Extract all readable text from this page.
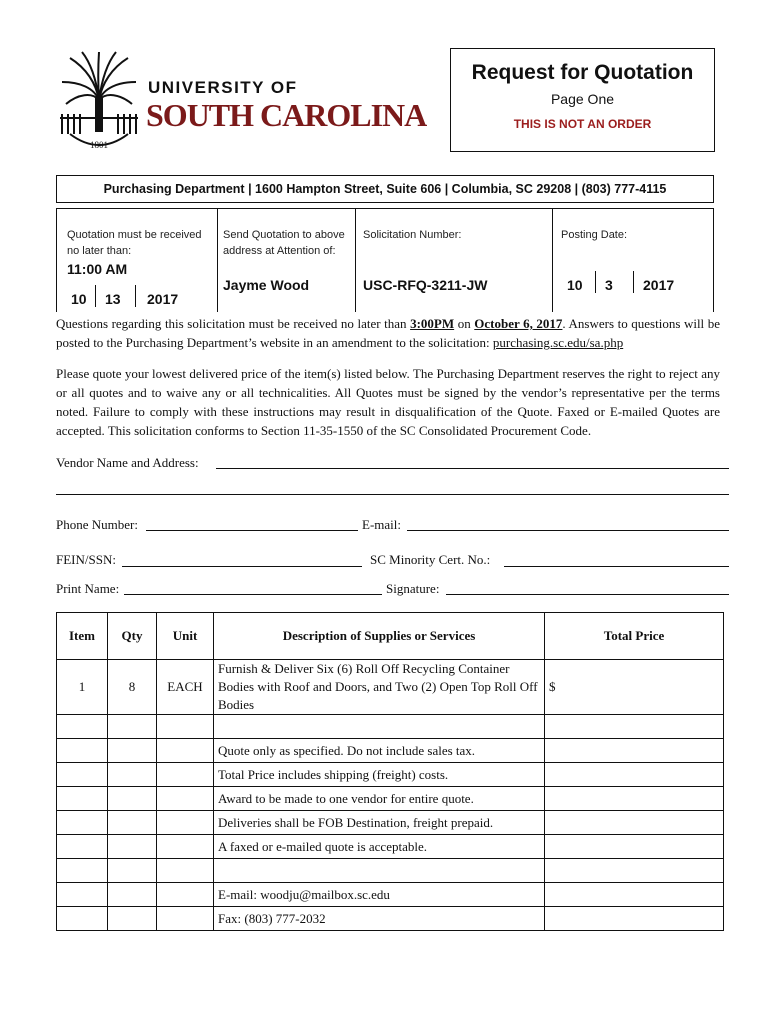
1801
UNIVERSITY OF
SOUTH CAROLINA
Request for Quotation
Page One
THIS IS NOT AN ORDER
Purchasing Department | 1600 Hampton Street, Suite 606 | Columbia, SC 29208 | (803) 777-4115
Quotation must be received no later than:
11:00 AM
10 13 2017
Send Quotation to above address at Attention of:
Jayme Wood
Solicitation Number:
USC-RFQ-3211-JW
Posting Date:
10 3 2017
Questions regarding this solicitation must be received no later than 3:00PM on October 6, 2017. Answers to questions will be posted to the Purchasing Department’s website in an amendment to the solicitation: purchasing.sc.edu/sa.php
Please quote your lowest delivered price of the item(s) listed below. The Purchasing Department reserves the right to reject any or all quotes and to waive any or all technicalities. All Quotes must be signed by the vendor’s representative per the terms noted. Failure to comply with these instructions may result in disqualification of the Quote. Faxed or E-mailed Quotes are accepted. This solicitation conforms to Section 11-35-1550 of the SC Consolidated Procurement Code.
Vendor Name and Address:
Phone Number:	E-mail:
FEIN/SSN:	SC Minority Cert. No.:
Print Name:	Signature:
Item	Qty	Unit	Description of Supplies or Services	Total Price
1	8	EACH	Furnish & Deliver Six (6) Roll Off Recycling Container Bodies with Roof and Doors, and Two (2) Open Top Roll Off Bodies	$

			Quote only as specified. Do not include sales tax.	
			Total Price includes shipping (freight) costs.	
			Award to be made to one vendor for entire quote.	
			Deliveries shall be FOB Destination, freight prepaid.	
			A faxed or e-mailed quote is acceptable.	

			E-mail: woodju@mailbox.sc.edu	
			Fax: (803) 777-2032	
